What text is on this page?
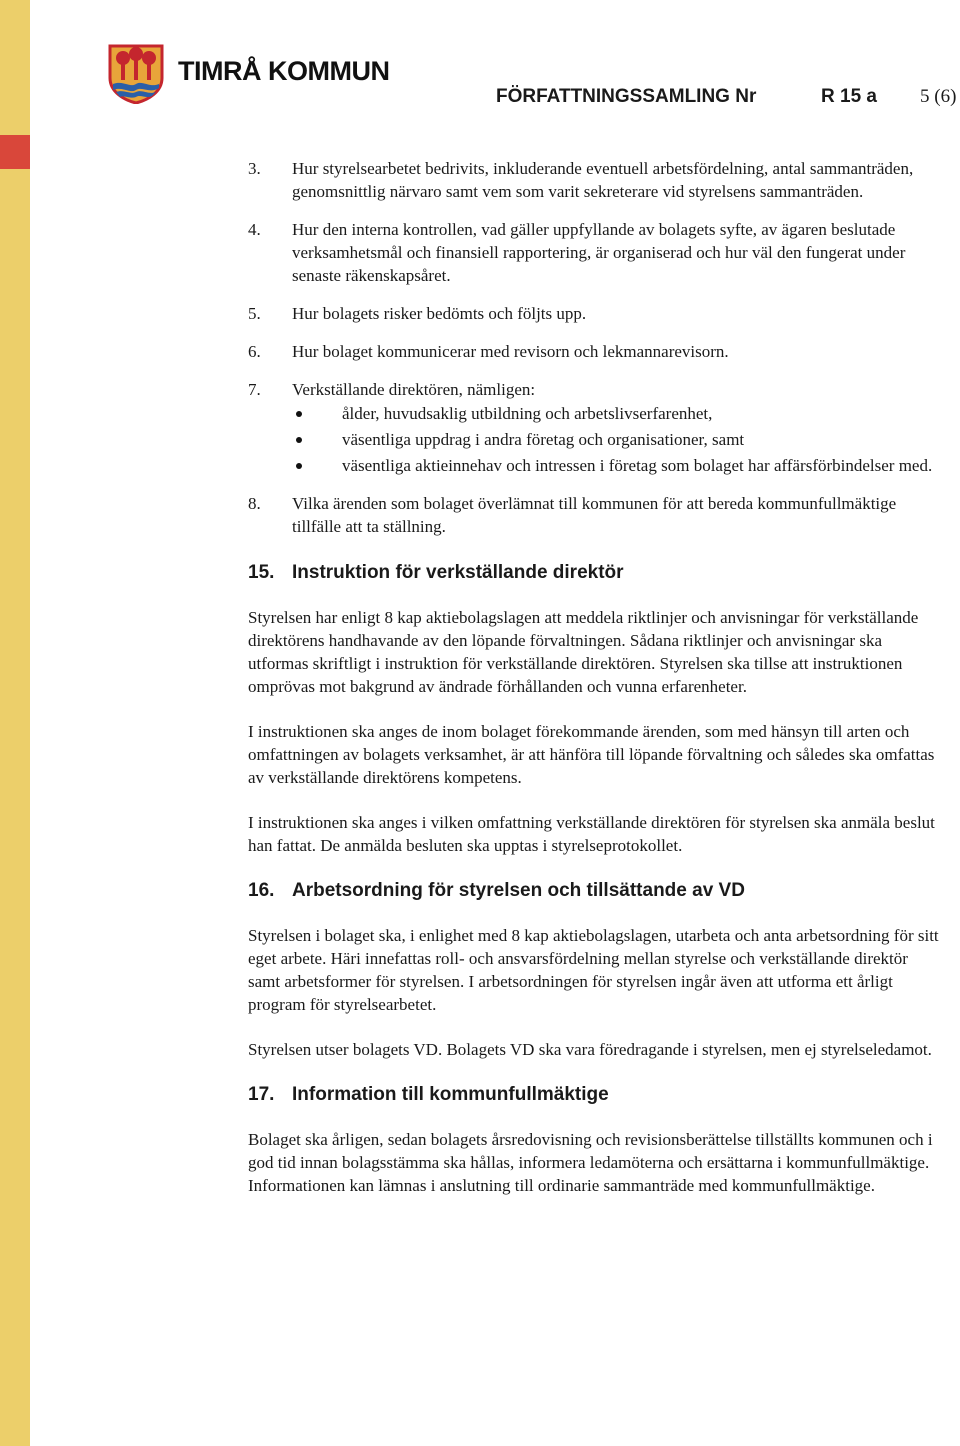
TIMRÅ KOMMUN
FÖRFATTNINGSSAMLING Nr	R 15 a 5 (6)
3. Hur styrelsearbetet bedrivits, inkluderande eventuell arbetsfördelning, antal sammanträden, genomsnittlig närvaro samt vem som varit sekreterare vid styrelsens sammanträden.
4. Hur den interna kontrollen, vad gäller uppfyllande av bolagets syfte, av ägaren beslutade verksamhetsmål och finansiell rapportering, är organiserad och hur väl den fungerat under senaste räkenskapsåret.
5. Hur bolagets risker bedömts och följts upp.
6. Hur bolaget kommunicerar med revisorn och lekmannarevisorn.
7. Verkställande direktören, nämligen:
ålder, huvudsaklig utbildning och arbetslivserfarenhet,
väsentliga uppdrag i andra företag och organisationer, samt
väsentliga aktieinnehav och intressen i företag som bolaget har affärsförbindelser med.
8. Vilka ärenden som bolaget överlämnat till kommunen för att bereda kommunfullmäktige tillfälle att ta ställning.
15. Instruktion för verkställande direktör

Styrelsen har enligt 8 kap aktiebolagslagen att meddela riktlinjer och anvisningar för verkställande direktörens handhavande av den löpande förvaltningen. Sådana riktlinjer och anvisningar ska utformas skriftligt i instruktion för verkställande direktören. Styrelsen ska tillse att instruktionen omprövas mot bakgrund av ändrade förhållanden och vunna erfarenheter.

I instruktionen ska anges de inom bolaget förekommande ärenden, som med hänsyn till arten och omfattningen av bolagets verksamhet, är att hänföra till löpande förvaltning och således ska omfattas av verkställande direktörens kompetens.

I instruktionen ska anges i vilken omfattning verkställande direktören för styrelsen ska anmäla beslut han fattat. De anmälda besluten ska upptas i styrelseprotokollet.

16. Arbetsordning för styrelsen och tillsättande av VD

Styrelsen i bolaget ska, i enlighet med 8 kap aktiebolagslagen, utarbeta och anta arbetsordning för sitt eget arbete. Häri innefattas roll- och ansvarsfördelning mellan styrelse och verkställande direktör samt arbetsformer för styrelsen. I arbetsordningen för styrelsen ingår även att utforma ett årligt program för styrelsearbetet.

Styrelsen utser bolagets VD. Bolagets VD ska vara föredragande i styrelsen, men ej styrelseledamot.

17. Information till kommunfullmäktige

Bolaget ska årligen, sedan bolagets årsredovisning och revisionsberättelse tillställts kommunen och i god tid innan bolagsstämma ska hållas, informera ledamöterna och ersättarna i kommunfullmäktige. Informationen kan lämnas i anslutning till ordinarie sammanträde med kommunfullmäktige.
